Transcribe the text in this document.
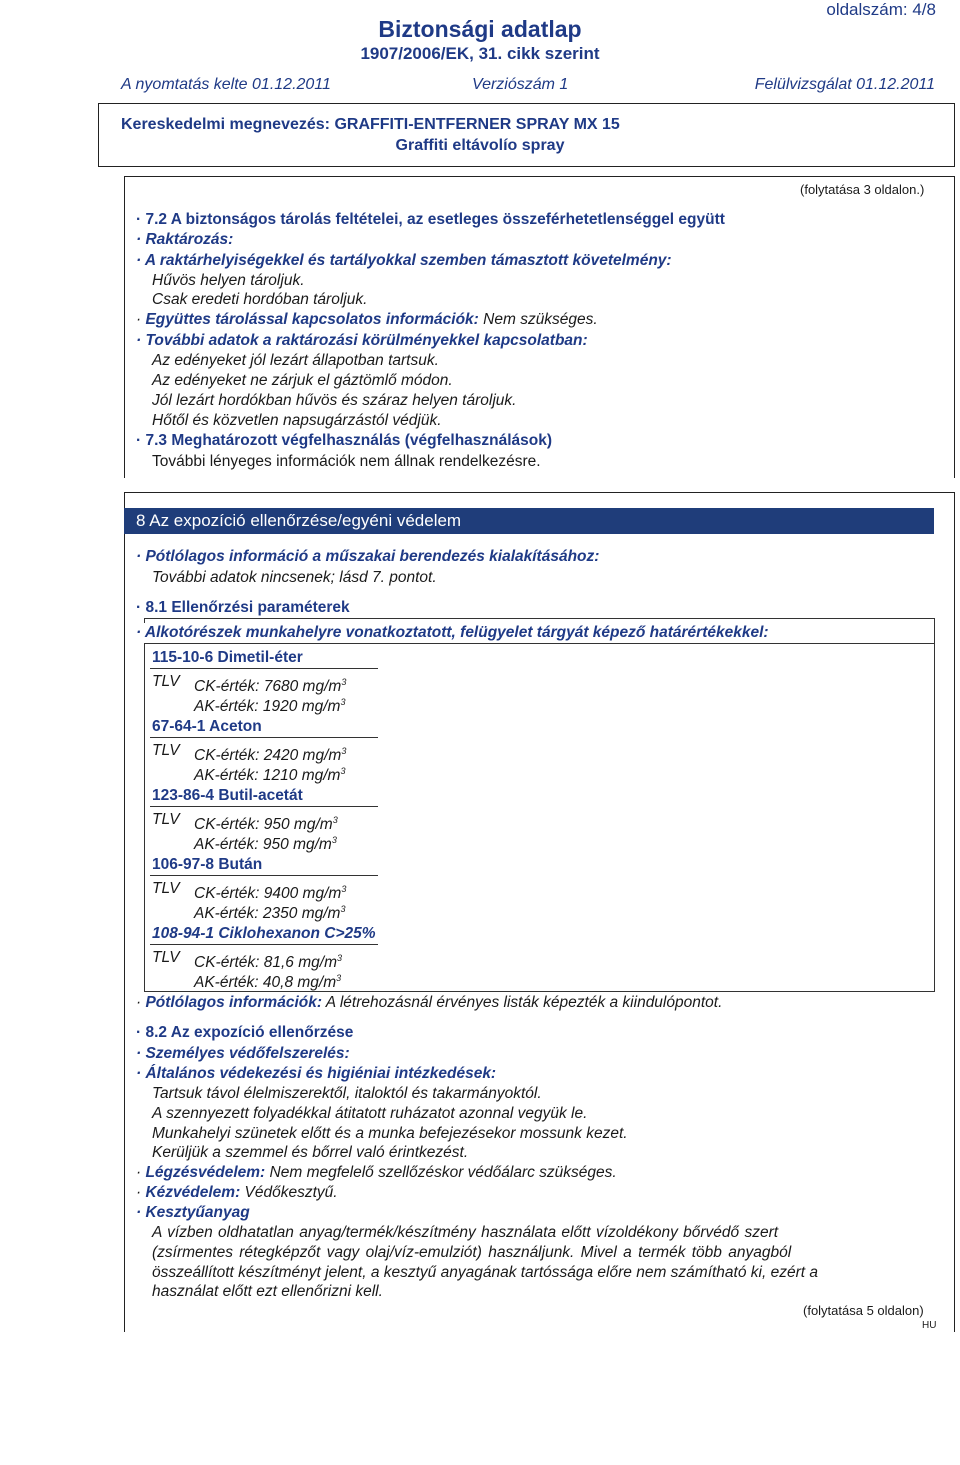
oldalszám: 4/8
Biztonsági adatlap
1907/2006/EK, 31. cikk szerint
A nyomtatás kelte 01.12.2011	Verziószám 1	Felülvizsgálat 01.12.2011
Kereskedelmi megnevezés: GRAFFITI-ENTFERNER SPRAY MX 15
Graffiti eltávolío spray
(folytatása 3 oldalon.)
· 7.2 A biztonságos tárolás feltételei, az esetleges összeférhetetlenséggel együtt
· Raktározás:
· A raktárhelyiségekkel és tartályokkal szemben támasztott követelmény:
Hűvös helyen tároljuk.
Csak eredeti hordóban tároljuk.
· Együttes tárolással kapcsolatos információk: Nem szükséges.
· További adatok a raktározási körülményekkel kapcsolatban:
Az edényeket jól lezárt állapotban tartsuk.
Az edényeket ne zárjuk el gáztömlő módon.
Jól lezárt hordókban hűvös és száraz helyen tároljuk.
Hőtől és közvetlen napsugárzástól védjük.
· 7.3 Meghatározott végfelhasználás (végfelhasználások)
További lényeges információk nem állnak rendelkezésre.
8 Az expozíció ellenőrzése/egyéni védelem
· Pótlólagos információ a műszakai berendezés kialakításához:
További adatok nincsenek; lásd 7. pontot.
· 8.1 Ellenőrzési paraméterek
· Alkotórészek munkahelyre vonatkoztatott, felügyelet tárgyát képező határértékekkel:
115-10-6 Dimetil-éter
TLV CK-érték: 7680 $mg/m^3$
AK-érték: 1920 $mg/m^3$
67-64-1 Aceton
TLV CK-érték: 2420 $mg/m^3$
AK-érték: 1210 $mg/m^3$
123-86-4 Butil-acetát
TLV CK-érték: 950 $mg/m^3$
AK-érték: 950 $mg/m^3$
106-97-8 Bután
TLV CK-érték: 9400 $mg/m^3$
AK-érték: 2350 $mg/m^3$
108-94-1 Ciklohexanon C>25%
TLV CK-érték: 81,6 $mg/m^3$
AK-érték: 40,8 $mg/m^3$
· Pótlólagos információk: A létrehozásnál érvényes listák képezték a kiindulópontot.
· 8.2 Az expozíció ellenőrzése
· Személyes védőfelszerelés:
· Általános védekezési és higiéniai intézkedések:
Tartsuk távol élelmiszerektől, italoktól és takarmányoktól.
A szennyezett folyadékkal átitatott ruházatot azonnal vegyük le.
Munkahelyi szünetek előtt és a munka befejezésekor mossunk kezet.
Kerüljük a szemmel és bőrrel való érintkezést.
· Légzésvédelem: Nem megfelelő szellőzéskor védőálarc szükséges.
· Kézvédelem: Védőkesztyű.
· Kesztyűanyag
A vízben oldhatatlan anyag/termék/készítmény használata előtt vízoldékony bőrvédő szert
(zsírmentes rétegképzőt vagy olaj/víz-emulziót) használjunk. Mivel a termék több anyagból
összeállított készítményt jelent, a kesztyű anyagának tartóssága előre nem számítható ki, ezért a
használat előtt ezt ellenőrizni kell.
(folytatása 5 oldalon)
HU
